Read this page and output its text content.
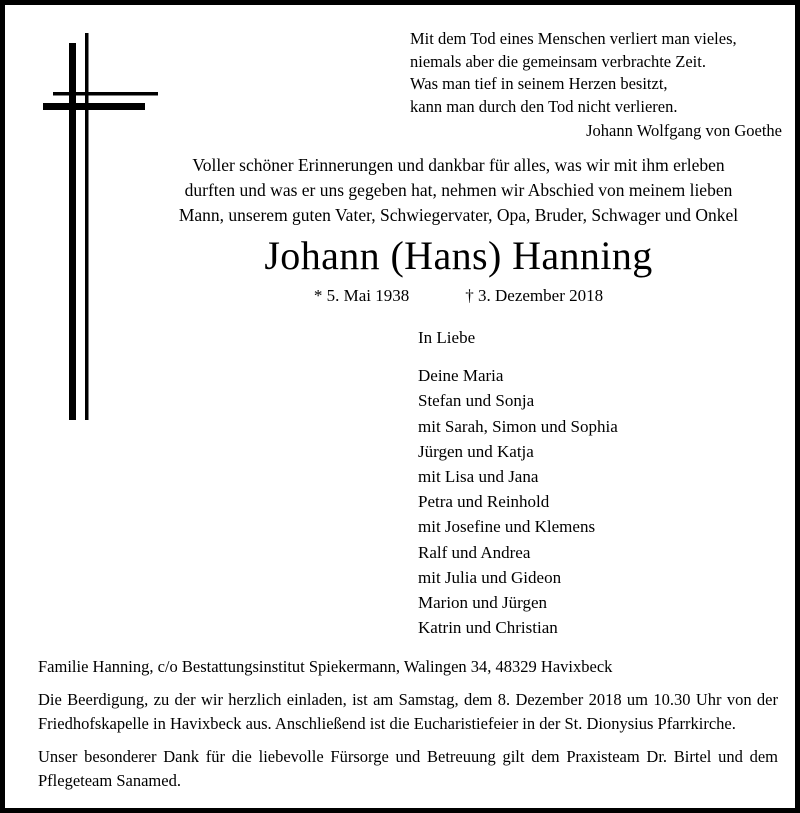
Mit dem Tod eines Menschen verliert man vieles,
niemals aber die gemeinsam verbrachte Zeit.
Was man tief in seinem Herzen besitzt,
kann man durch den Tod nicht verlieren.
Johann Wolfgang von Goethe
Voller schöner Erinnerungen und dankbar für alles, was wir mit ihm erleben
durften und was er uns gegeben hat, nehmen wir Abschied von meinem lieben
Mann, unserem guten Vater, Schwiegervater, Opa, Bruder, Schwager und Onkel
Johann (Hans) Hanning
* 5. Mai 1938	† 3. Dezember 2018
In Liebe
Deine Maria
Stefan und Sonja
mit Sarah, Simon und Sophia
Jürgen und Katja
mit Lisa und Jana
Petra und Reinhold
mit Josefine und Klemens
Ralf und Andrea
mit Julia und Gideon
Marion und Jürgen
Katrin und Christian
Familie Hanning, c/o Bestattungsinstitut Spiekermann, Walingen 34, 48329 Havixbeck
Die Beerdigung, zu der wir herzlich einladen, ist am Samstag, dem 8. Dezember 2018 um 10.30 Uhr von der Friedhofskapelle in Havixbeck aus. Anschließend ist die Eucharistiefeier in der St. Dionysius Pfarrkirche.
Unser besonderer Dank für die liebevolle Fürsorge und Betreuung gilt dem Praxisteam Dr. Birtel und dem Pflegeteam Sanamed.
